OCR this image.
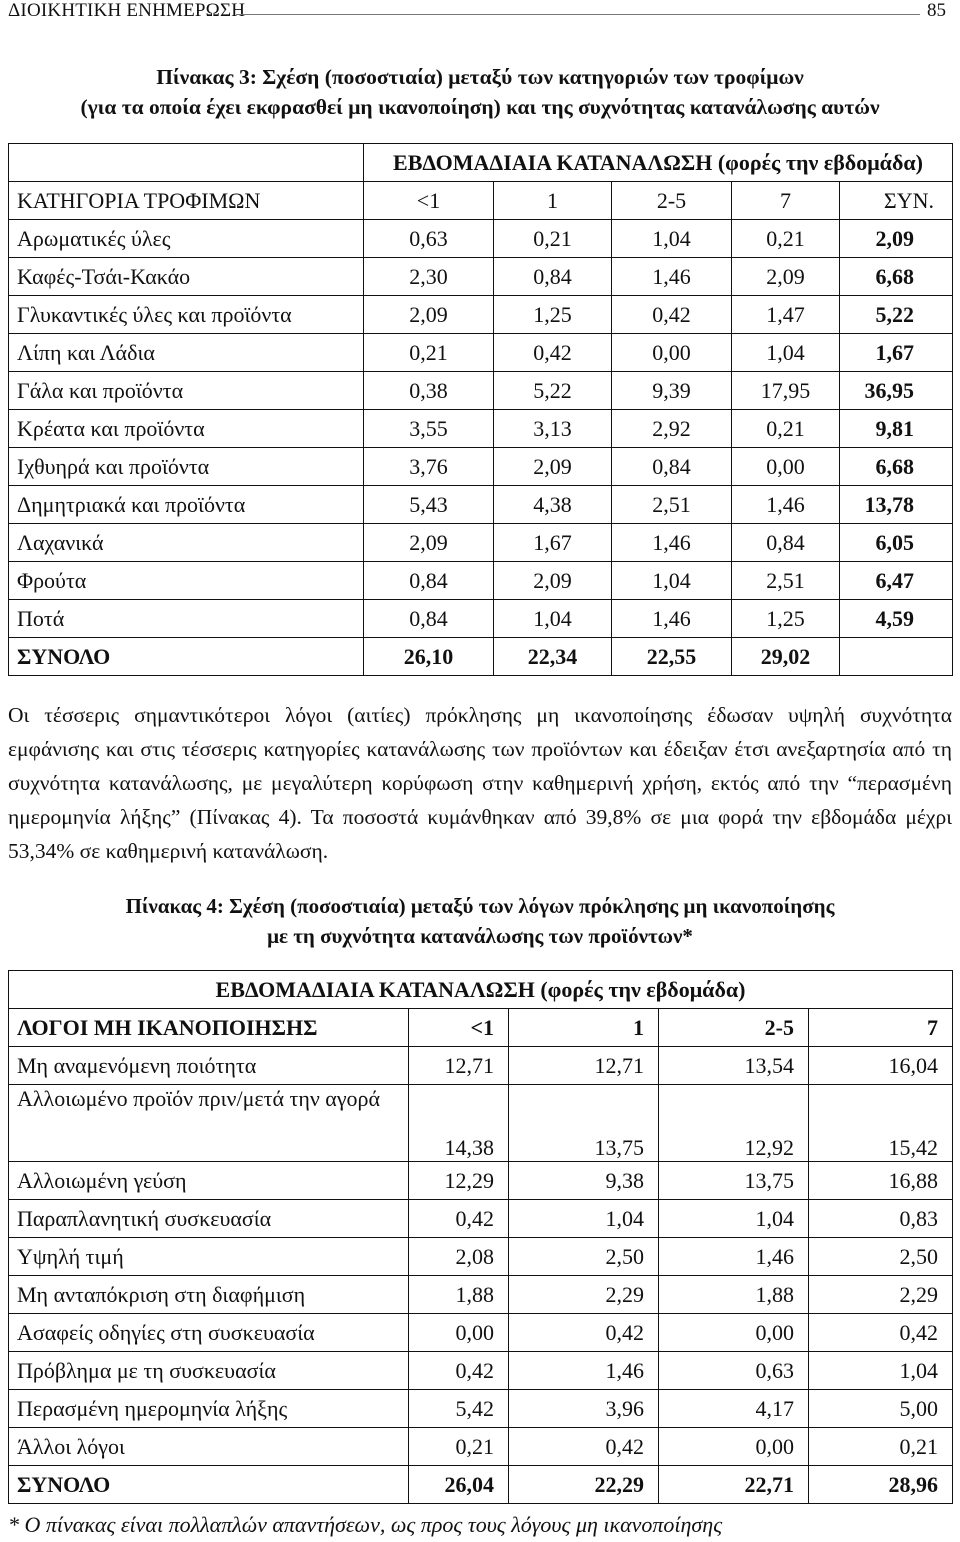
ΔΙΟΙΚΗΤΙΚΗ ΕΝΗΜΕΡΩΣΗ	85
Πίνακας 3: Σχέση (ποσοστιαία) μεταξύ των κατηγοριών των τροφίμων
(για τα οποία έχει εκφρασθεί μη ικανοποίηση) και της συχνότητας κατανάλωσης αυτών
	ΕΒΔΟΜΑΔΙΑΙΑ ΚΑΤΑΝΑΛΩΣΗ (φορές την εβδομάδα)				
ΚΑΤΗΓΟΡΙΑ ΤΡΟΦΙΜΩΝ	<1	1	2-5	7	ΣΥΝ.
Αρωματικές ύλες	0,63	0,21	1,04	0,21	2,09
Καφές-Τσάι-Κακάο	2,30	0,84	1,46	2,09	6,68
Γλυκαντικές ύλες και προϊόντα	2,09	1,25	0,42	1,47	5,22
Λίπη και Λάδια	0,21	0,42	0,00	1,04	1,67
Γάλα και προϊόντα	0,38	5,22	9,39	17,95	36,95
Κρέατα και προϊόντα	3,55	3,13	2,92	0,21	9,81
Ιχθυηρά και προϊόντα	3,76	2,09	0,84	0,00	6,68
Δημητριακά και προϊόντα	5,43	4,38	2,51	1,46	13,78
Λαχανικά	2,09	1,67	1,46	0,84	6,05
Φρούτα	0,84	2,09	1,04	2,51	6,47
Ποτά	0,84	1,04	1,46	1,25	4,59
ΣΥΝΟΛΟ	26,10	22,34	22,55	29,02	
Οι τέσσερις σημαντικότεροι λόγοι (αιτίες) πρόκλησης μη ικανοποίησης έδωσαν υψηλή συχνότητα εμφάνισης και στις τέσσερις κατηγορίες κατανάλωσης των προϊόντων και έδειξαν έτσι ανεξαρτησία από τη συχνότητα κατανάλωσης, με μεγαλύτερη κορύφωση στην καθημερινή χρήση, εκτός από την “περασμένη ημερομηνία λήξης” (Πίνακας 4). Τα ποσοστά κυμάνθηκαν από 39,8% σε μια φορά την εβδομάδα μέχρι 53,34% σε καθημερινή κατανάλωση.
Πίνακας 4: Σχέση (ποσοστιαία) μεταξύ των λόγων πρόκλησης μη ικανοποίησης
με τη συχνότητα κατανάλωσης των προϊόντων*
ΕΒΔΟΜΑΔΙΑΙΑ ΚΑΤΑΝΑΛΩΣΗ (φορές την εβδομάδα)				
ΛΟΓΟΙ ΜΗ ΙΚΑΝΟΠΟΙΗΣΗΣ	<1	1	2-5	7
Μη αναμενόμενη ποιότητα	12,71	12,71	13,54	16,04
Αλλοιωμένο προϊόν πριν/μετά την αγορά	14,38	13,75	12,92	15,42
Αλλοιωμένη γεύση	12,29	9,38	13,75	16,88
Παραπλανητική συσκευασία	0,42	1,04	1,04	0,83
Υψηλή τιμή	2,08	2,50	1,46	2,50
Μη ανταπόκριση στη διαφήμιση	1,88	2,29	1,88	2,29
Ασαφείς οδηγίες στη συσκευασία	0,00	0,42	0,00	0,42
Πρόβλημα με τη συσκευασία	0,42	1,46	0,63	1,04
Περασμένη ημερομηνία λήξης	5,42	3,96	4,17	5,00
Άλλοι λόγοι	0,21	0,42	0,00	0,21
ΣΥΝΟΛΟ	26,04	22,29	22,71	28,96
* Ο πίνακας είναι πολλαπλών απαντήσεων, ως προς τους λόγους μη ικανοποίησης
